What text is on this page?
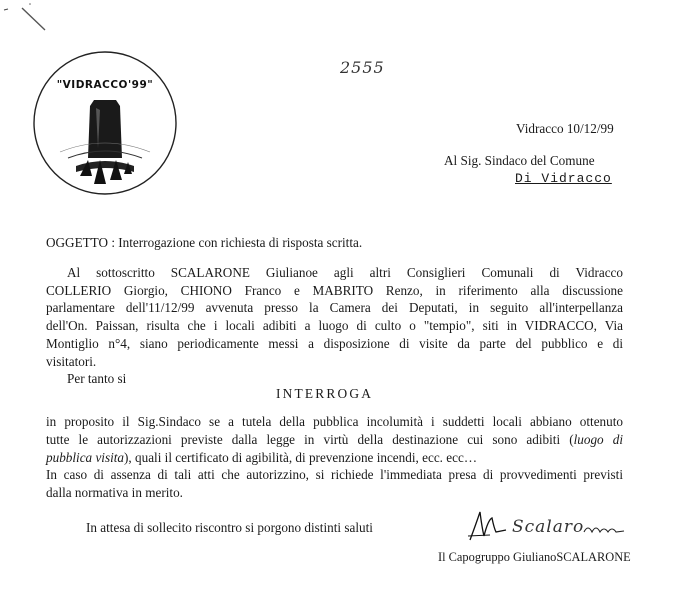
"VIDRACCO'99"
2555
Vidracco 10/12/99
Al Sig. Sindaco del Comune
Di Vidracco
OGGETTO : Interrogazione con richiesta di risposta scritta.
Al sottoscritto SCALARONE Giulianoe agli altri Consiglieri Comunali di Vidracco
COLLERIO Giorgio, CHIONO Franco e MABRITO Renzo, in riferimento alla discussione
parlamentare dell'11/12/99 avvenuta presso la Camera dei Deputati, in seguito all'interpellanza
dell'On. Paissan, risulta che i locali adibiti a luogo di culto o "tempio", siti in VIDRACCO, Via
Montiglio n°4, siano periodicamente messi a disposizione di visite da parte del pubblico e di
visitatori.
Per tanto si
INTERROGA
in proposito il Sig.Sindaco se a tutela della pubblica incolumità i suddetti locali abbiano ottenuto
tutte le autorizzazioni previste dalla legge in virtù della destinazione cui sono adibiti (luogo di
pubblica visita), quali il certificato di agibilità, di prevenzione incendi, ecc. ecc…
In caso di assenza di tali atti che autorizzino, si richiede l'immediata presa di provvedimenti previsti
dalla normativa in merito.
In attesa di sollecito riscontro si porgono distinti saluti	Scalaro
Il Capogruppo GiulianoSCALARONE
